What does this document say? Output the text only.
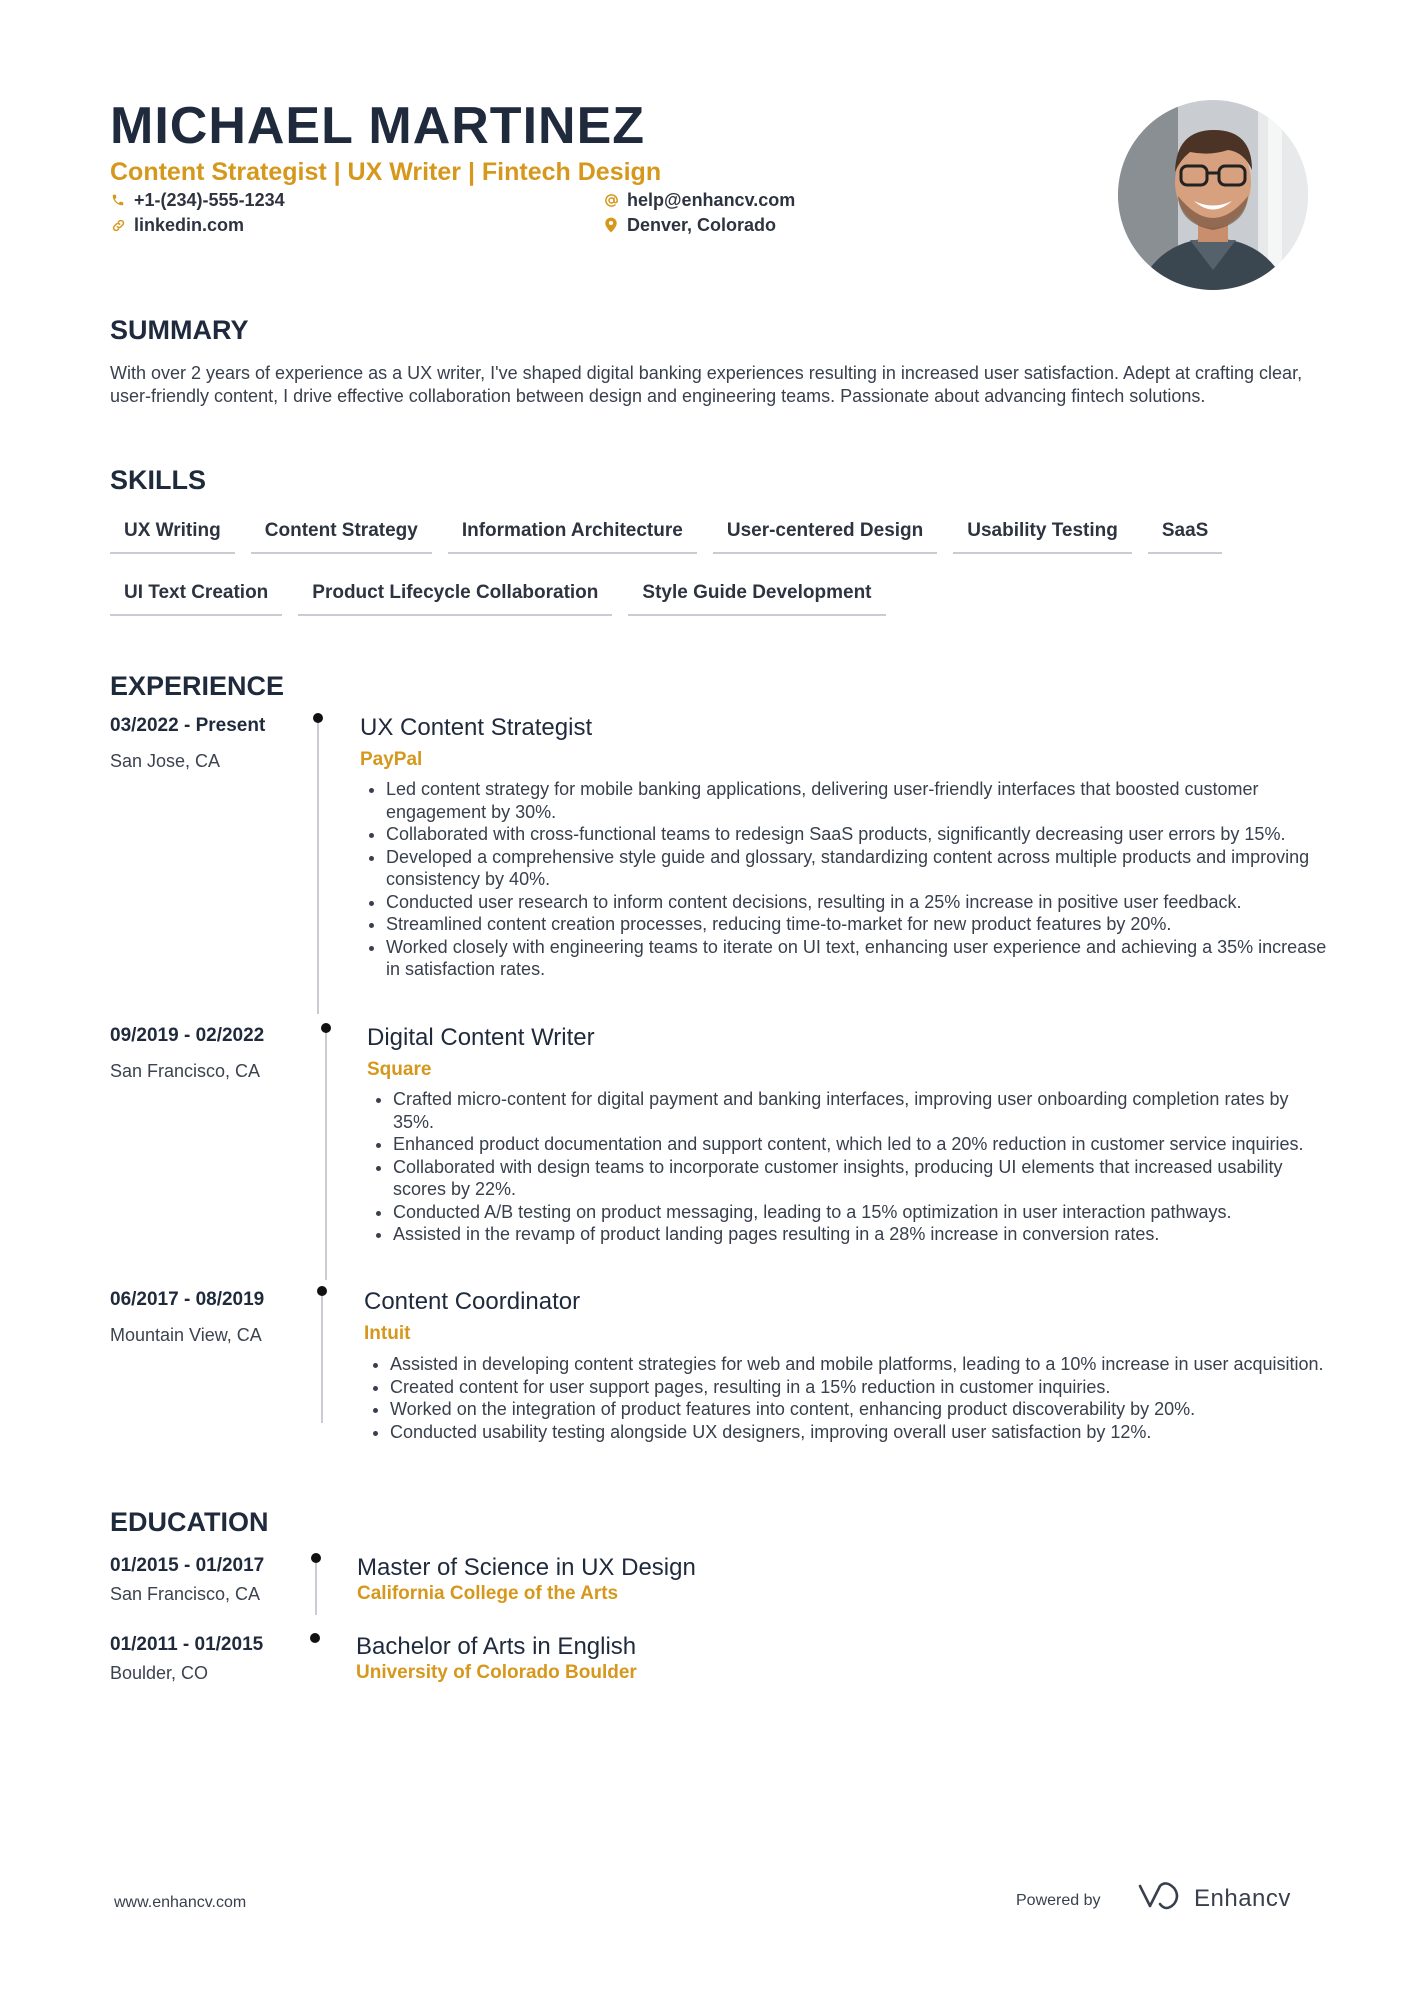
MICHAEL MARTINEZ
Content Strategist | UX Writer | Fintech Design
+1-(234)-555-1234
linkedin.com
help@enhancv.com
Denver, Colorado
SUMMARY

With over 2 years of experience as a UX writer, I've shaped digital banking experiences resulting in increased user satisfaction. Adept at crafting clear, user-friendly content, I drive effective collaboration between design and engineering teams. Passionate about advancing fintech solutions.

SKILLS
UX Writing	Content Strategy	Information Architecture	User-centered Design	Usability Testing	SaaS
UI Text Creation	Product Lifecycle Collaboration	Style Guide Development
EXPERIENCE
03/2022 - Present
San Jose, CA
UX Content Strategist
PayPal
• Led content strategy for mobile banking applications, delivering user-friendly interfaces that boosted customer engagement by 30%.
• Collaborated with cross-functional teams to redesign SaaS products, significantly decreasing user errors by 15%.
• Developed a comprehensive style guide and glossary, standardizing content across multiple products and improving consistency by 40%.
• Conducted user research to inform content decisions, resulting in a 25% increase in positive user feedback.
• Streamlined content creation processes, reducing time-to-market for new product features by 20%.
• Worked closely with engineering teams to iterate on UI text, enhancing user experience and achieving a 35% increase in satisfaction rates.
09/2019 - 02/2022
San Francisco, CA
Digital Content Writer
Square
• Crafted micro-content for digital payment and banking interfaces, improving user onboarding completion rates by 35%.
• Enhanced product documentation and support content, which led to a 20% reduction in customer service inquiries.
• Collaborated with design teams to incorporate customer insights, producing UI elements that increased usability scores by 22%.
• Conducted A/B testing on product messaging, leading to a 15% optimization in user interaction pathways.
• Assisted in the revamp of product landing pages resulting in a 28% increase in conversion rates.
06/2017 - 08/2019
Mountain View, CA
Content Coordinator
Intuit
• Assisted in developing content strategies for web and mobile platforms, leading to a 10% increase in user acquisition.
• Created content for user support pages, resulting in a 15% reduction in customer inquiries.
• Worked on the integration of product features into content, enhancing product discoverability by 20%.
• Conducted usability testing alongside UX designers, improving overall user satisfaction by 12%.
EDUCATION
01/2015 - 01/2017
San Francisco, CA
Master of Science in UX Design
California College of the Arts
01/2011 - 01/2015
Boulder, CO
Bachelor of Arts in English
University of Colorado Boulder
www.enhancv.com	Powered by	Enhancv
